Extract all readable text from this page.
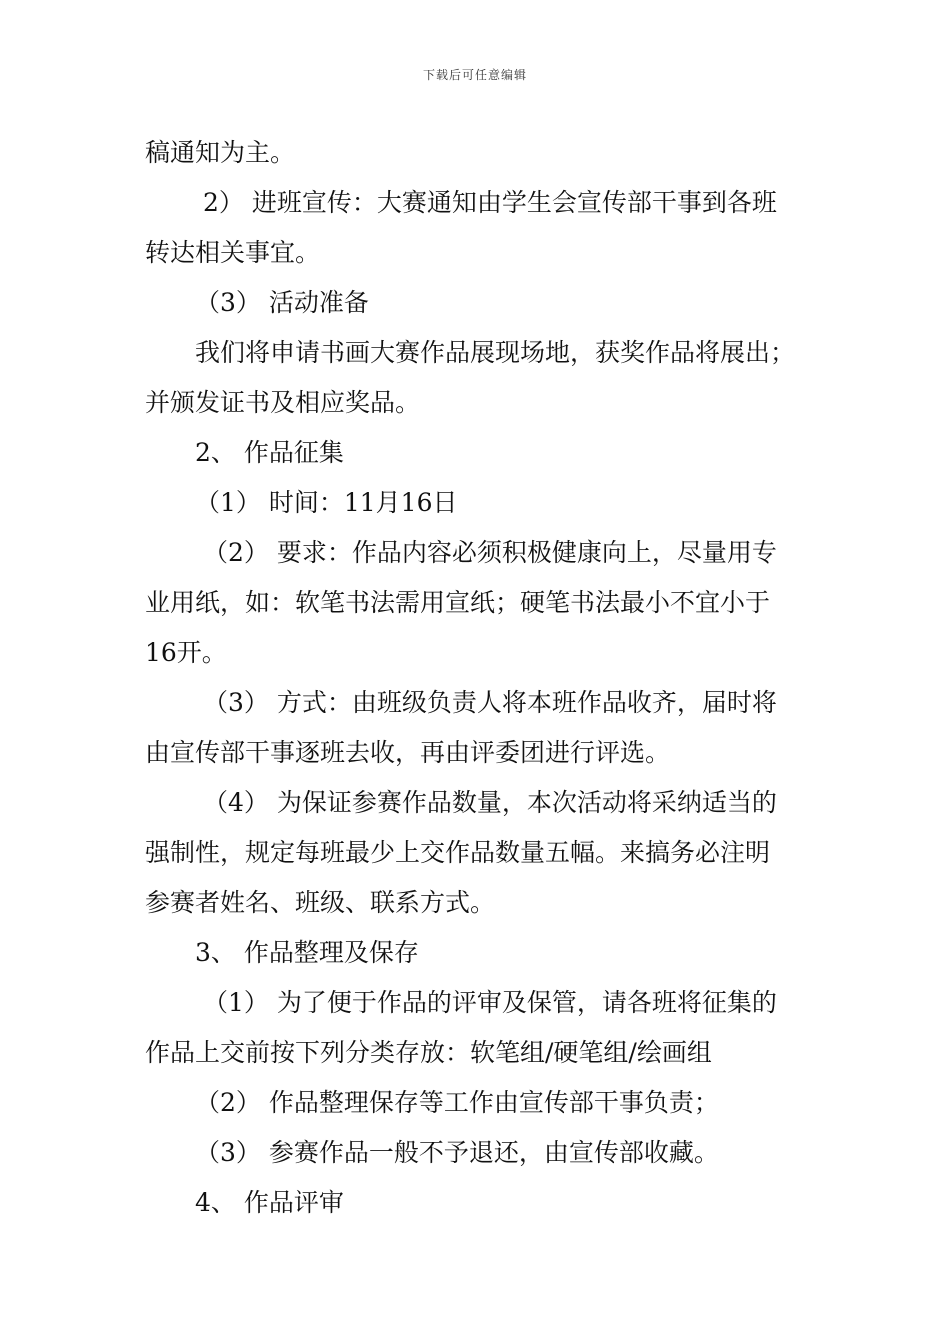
下载后可任意编辑
稿通知为主。
2） 进班宣传：大赛通知由学生会宣传部干事到各班
转达相关事宜。
（3） 活动准备
我们将申请书画大赛作品展现场地，获奖作品将展出；
并颁发证书及相应奖品。
2、 作品征集
（1） 时间：11月16日
（2） 要求：作品内容必须积极健康向上，尽量用专
业用纸，如：软笔书法需用宣纸；硬笔书法最小不宜小于
16开。
（3） 方式：由班级负责人将本班作品收齐，届时将
由宣传部干事逐班去收，再由评委团进行评选。
（4） 为保证参赛作品数量，本次活动将采纳适当的
强制性，规定每班最少上交作品数量五幅。来搞务必注明
参赛者姓名、班级、联系方式。
3、 作品整理及保存
（1） 为了便于作品的评审及保管，请各班将征集的
作品上交前按下列分类存放：软笔组/硬笔组/绘画组
（2） 作品整理保存等工作由宣传部干事负责；
（3） 参赛作品一般不予退还，由宣传部收藏。
4、 作品评审
